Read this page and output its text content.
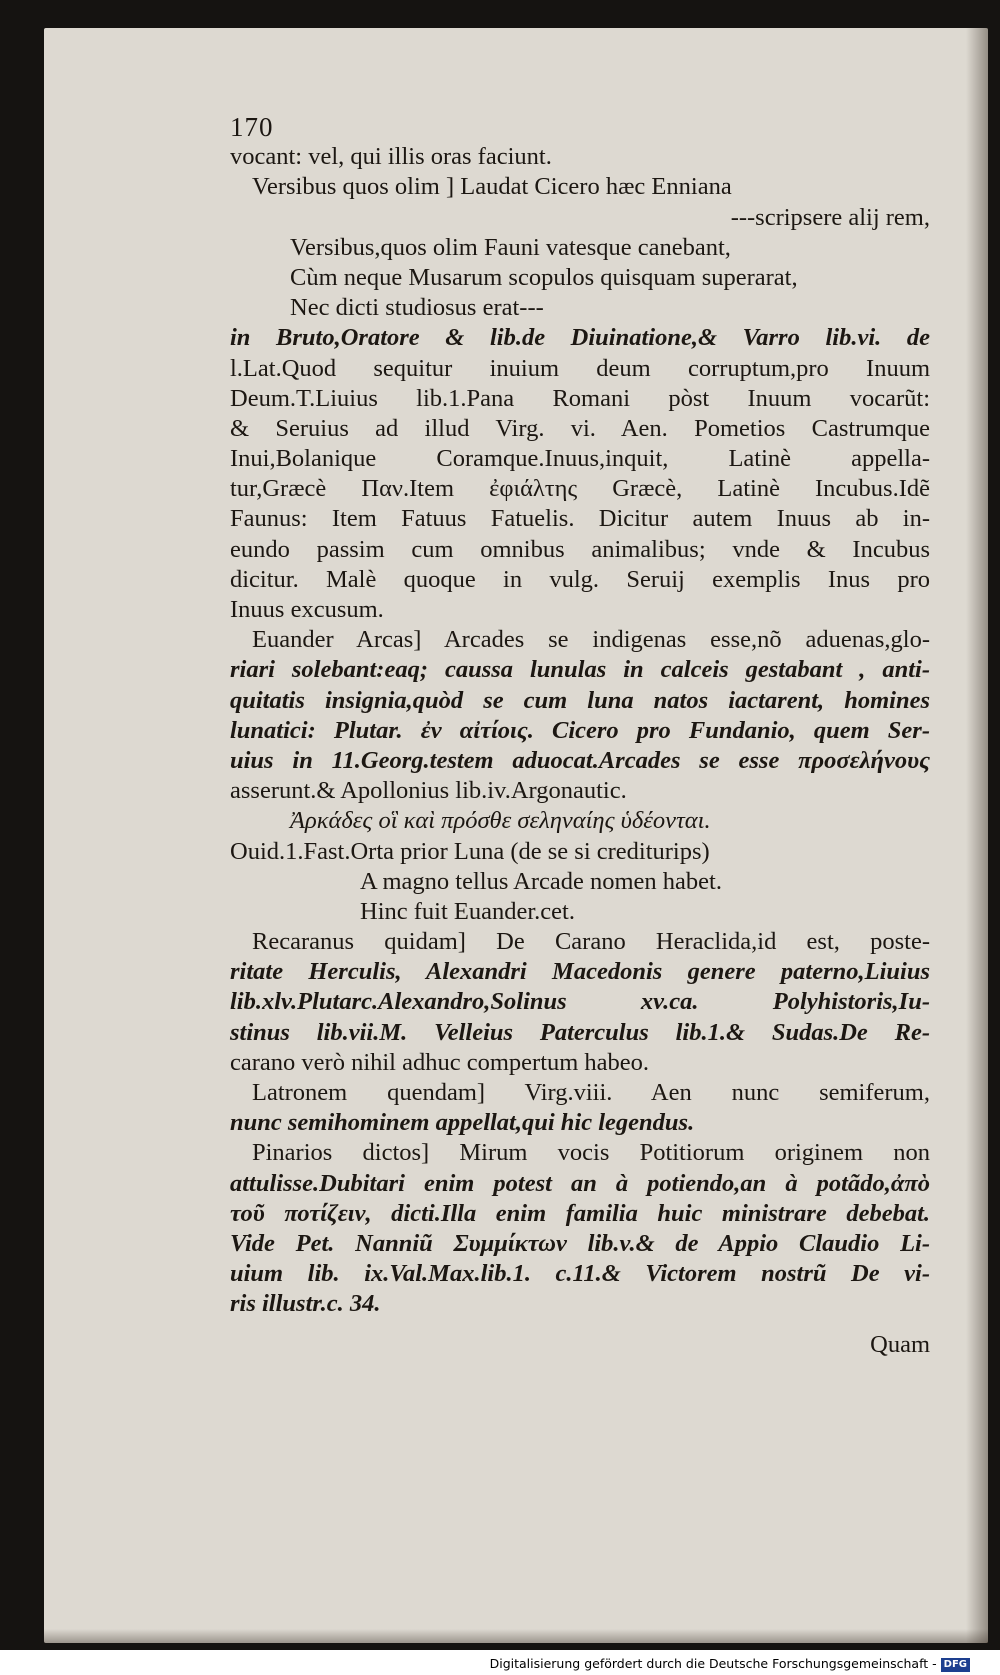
170
vocant: vel, qui illis oras faciunt.
Versibus quos olim ] Laudat Cicero hæc Enniana
---scripsere alij rem,
Versibus,quos olim Fauni vatesque canebant,
Cùm neque Musarum scopulos quisquam superarat,
Nec dicti studiosus erat---
in Bruto,Oratore & lib.de Diuinatione,& Varro lib.vi. de
l.Lat.Quod sequitur inuium deum corruptum,pro Inuum
Deum.T.Liuius lib.1.Pana Romani pòst Inuum vocarũt:
& Seruius ad illud Virg. vi. Aen. Pometios Castrumque
Inui,Bolanique Coramque.Inuus,inquit, Latinè appella-
tur,Græcè Παν.Item ἐφιάλτης Græcè, Latinè Incubus.Idẽ
Faunus: Item Fatuus Fatuelis. Dicitur autem Inuus ab in-
eundo passim cum omnibus animalibus; vnde & Incubus
dicitur. Malè quoque in vulg. Seruij exemplis Inus pro
Inuus excusum.
Euander Arcas] Arcades se indigenas esse,nõ aduenas,glo-
riari solebant:eaq; caussa lunulas in calceis gestabant , anti-
quitatis insignia,quòd se cum luna natos iactarent, homines
lunatici: Plutar. ἐν αἰτίοις. Cicero pro Fundanio, quem Ser-
uius in 11.Georg.testem aduocat.Arcades se esse προσελήνους
asserunt.& Apollonius lib.iv.Argonautic.
Ἀρκάδες οἳ καὶ πρόσθε σεληναίης ὑδέονται.
Ouid.1.Fast.Orta prior Luna (de se si crediturips)
A magno tellus Arcade nomen habet.
Hinc fuit Euander.cet.
Recaranus quidam] De Carano Heraclida,id est, poste-
ritate Herculis, Alexandri Macedonis genere paterno,Liuius
lib.xlv.Plutarc.Alexandro,Solinus xv.ca. Polyhistoris,Iu-
stinus lib.vii.M. Velleius Paterculus lib.1.& Sudas.De Re-
carano verò nihil adhuc compertum habeo.
Latronem quendam] Virg.viii. Aen nunc semiferum,
nunc semihominem appellat,qui hic legendus.
Pinarios dictos] Mirum vocis Potitiorum originem non
attulisse.Dubitari enim potest an à potiendo,an à potãdo,ἀπὸ
τοῦ ποτίζειν, dicti.Illa enim familia huic ministrare debebat.
Vide Pet. Nanniũ Συμμίκτων lib.v.& de Appio Claudio Li-
uium lib. ix.Val.Max.lib.1. c.11.& Victorem nostrũ De vi-
ris illustr.c. 34.
Quam
Digitalisierung gefördert durch die Deutsche Forschungsgemeinschaft - DFG
